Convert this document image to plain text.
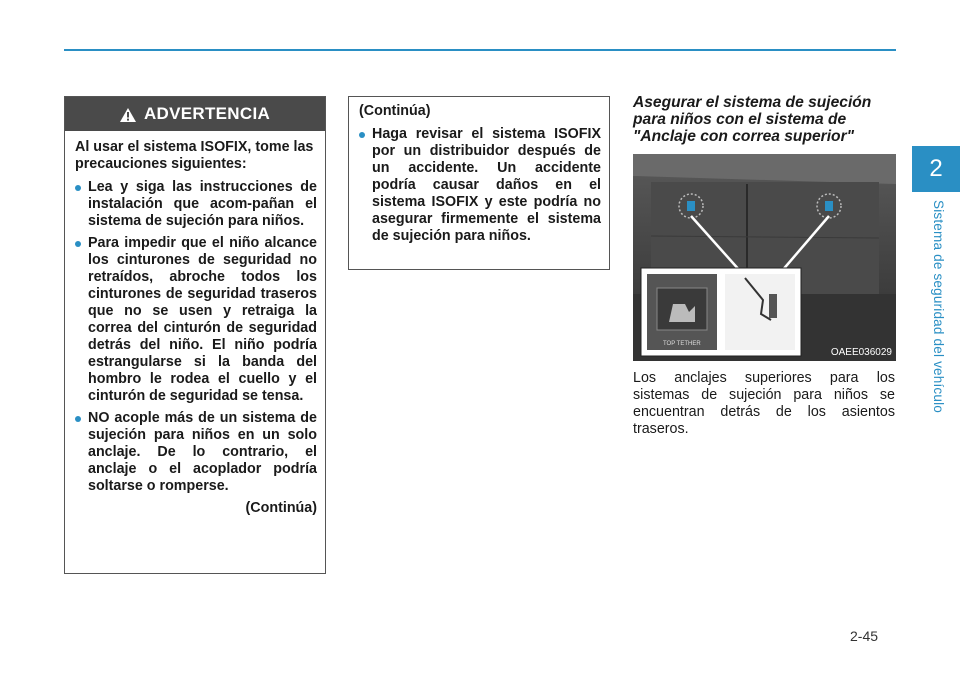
2
Sistema de seguridad del vehículo
ADVERTENCIA

Al usar el sistema ISOFIX, tome las precauciones siguientes:

Lea y siga las instrucciones de instalación que acom-pañan el sistema de sujeción para niños.
Para impedir que el niño alcance los cinturones de seguridad no retraídos, abroche todos los cinturones de seguridad traseros que no se usen y retraiga la correa del cinturón de seguridad detrás del niño. El niño podría estrangularse si la banda del hombro le rodea el cuello y el cinturón de seguridad se tensa.
NO acople más de un sistema de sujeción para niños en un solo anclaje. De lo contrario, el anclaje o el acoplador podría soltarse o romperse.
(Continúa)

(Continúa)

Haga revisar el sistema ISOFIX por un distribuidor después de un accidente. Un accidente podría causar daños en el sistema ISOFIX y este podría no asegurar firmemente el sistema de sujeción para niños.
Asegurar el sistema de sujeción para niños con el sistema de "Anclaje con correa superior"
TOP TETHER
OAEE036029
Los anclajes superiores para los sistemas de sujeción para niños se encuentran detrás de los asientos traseros.
2-45
